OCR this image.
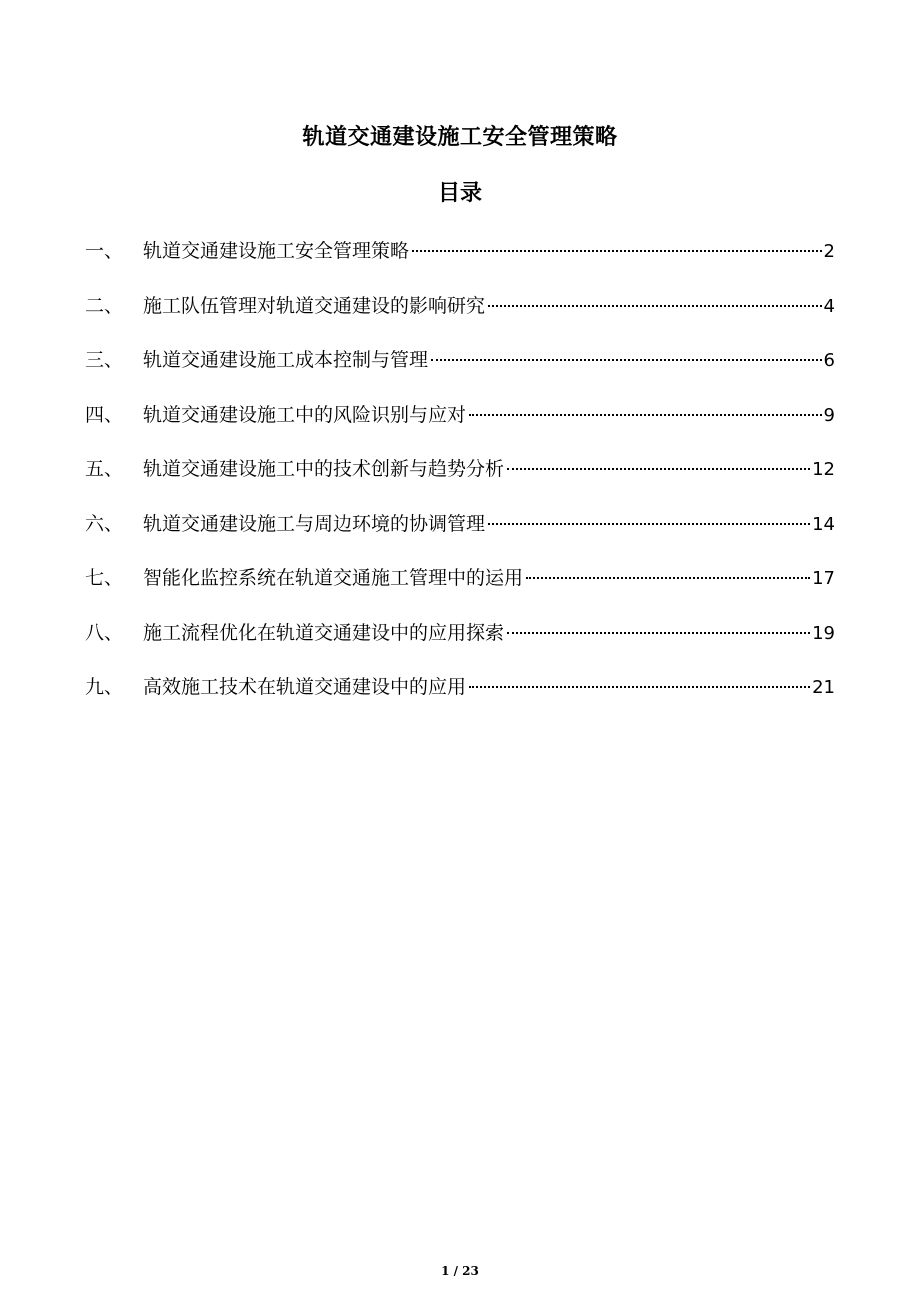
轨道交通建设施工安全管理策略
目录
一、	轨道交通建设施工安全管理策略	2
二、	施工队伍管理对轨道交通建设的影响研究	4
三、	轨道交通建设施工成本控制与管理	6
四、	轨道交通建设施工中的风险识别与应对	9
五、	轨道交通建设施工中的技术创新与趋势分析	12
六、	轨道交通建设施工与周边环境的协调管理	14
七、	智能化监控系统在轨道交通施工管理中的运用	17
八、	施工流程优化在轨道交通建设中的应用探索	19
九、	高效施工技术在轨道交通建设中的应用	21
1 / 23
